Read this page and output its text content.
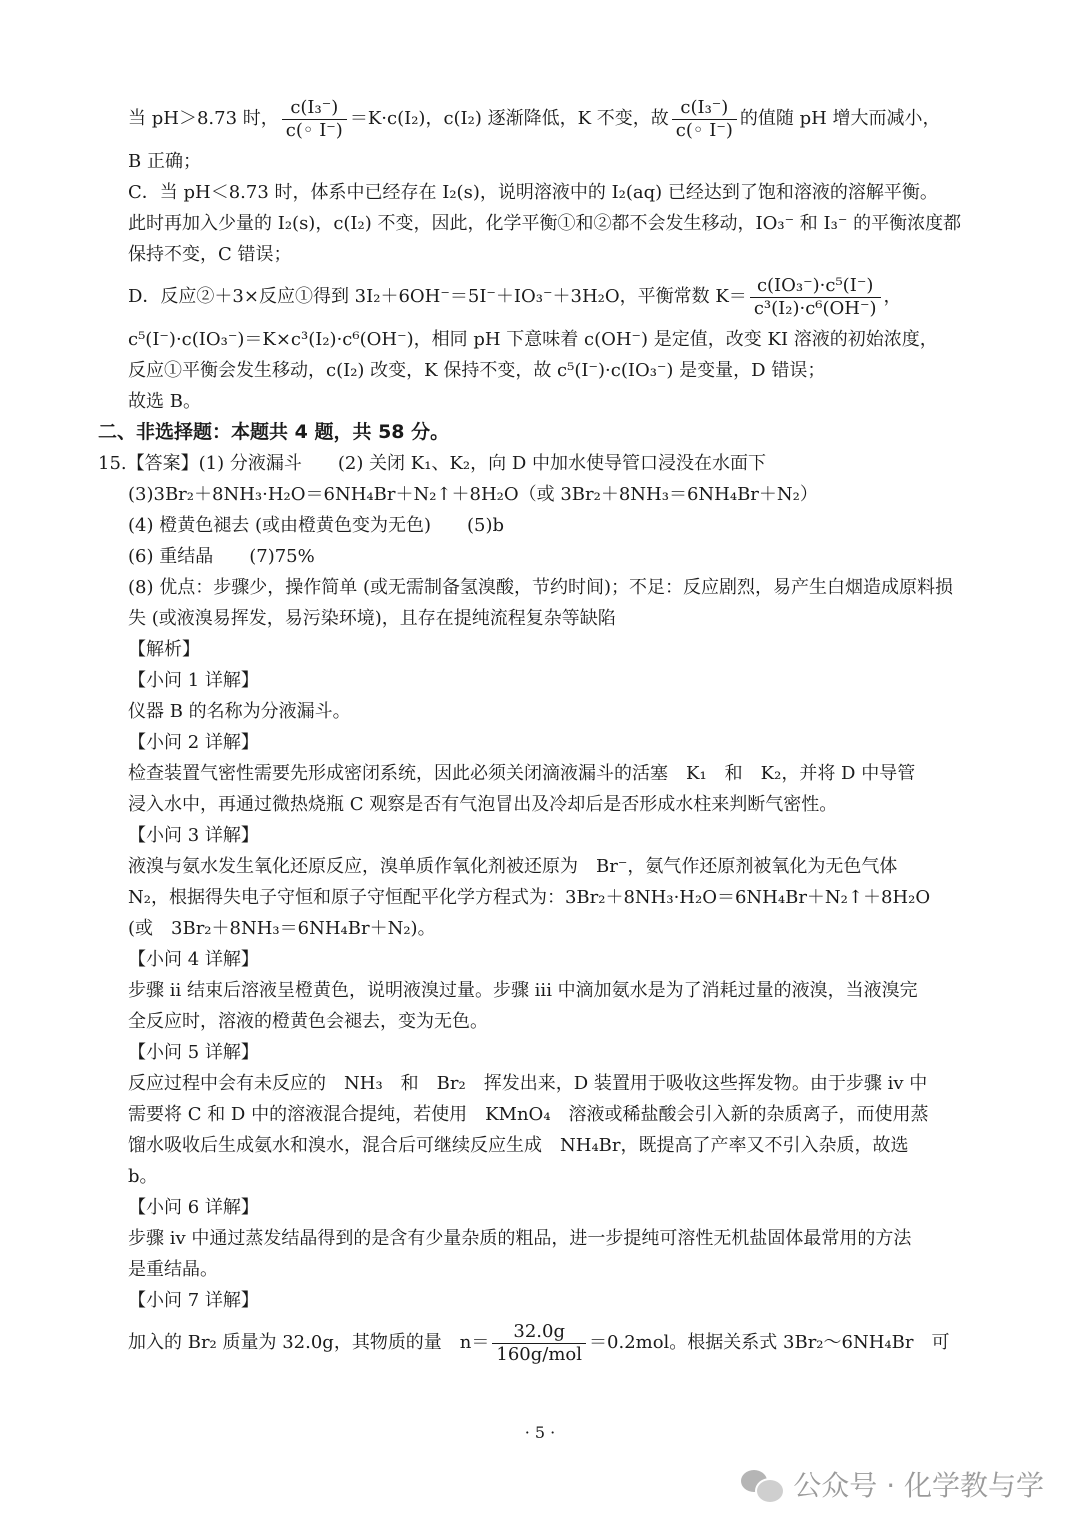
当 pH＞8.73 时， $\frac{\text{c(I₃⁻)}}{c(◦ I^-)} =K\cdot c(I_2)$，c(I₂) 逐渐降低，K 不变，故 $\frac{\text{c(I₃⁻)}}{c(◦ I^-)}$ 的值随 pH 增大而减小，
B 正确；
C．当 pH＜8.73 时，体系中已经存在 I₂(s)，说明溶液中的 I₂(aq) 已经达到了饱和溶液的溶解平衡。
此时再加入少量的 I₂(s)，c(I₂) 不变，因此，化学平衡①和②都不会发生移动，IO₃⁻ 和 I₃⁻ 的平衡浓度都
保持不变，C 错误；
D．反应②＋3×反应①得到 3I₂＋6OH⁻＝5I⁻＋IO₃⁻＋3H₂O，平衡常数 $K= \frac{\text{c(IO₃⁻)·c⁵(I⁻)}}{\text{c³(I₂)·c⁶(OH⁻)}}$ ，
c⁵(I⁻)·c(IO₃⁻)＝K×c³(I₂)·c⁶(OH⁻)，相同 pH 下意味着 c(OH⁻) 是定值，改变 KI 溶液的初始浓度，
反应①平衡会发生移动，c(I₂) 改变，K 保持不变，故 c⁵(I⁻)·c(IO₃⁻) 是变量，D 错误；
故选 B。
二、非选择题：本题共 4 题，共 58 分。
15.【答案】(1) 分液漏斗　　(2) 关闭 K₁、K₂，向 D 中加水使导管口浸没在水面下
(3)3Br₂＋8NH₃·H₂O＝6NH₄Br＋N₂↑＋8H₂O（或 3Br₂＋8NH₃＝6NH₄Br＋N₂）
(4) 橙黄色褪去 (或由橙黄色变为无色)　　(5)b
(6) 重结晶　　(7)75%
(8) 优点：步骤少，操作简单 (或无需制备氢溴酸，节约时间)；不足：反应剧烈，易产生白烟造成原料损
失 (或液溴易挥发，易污染环境)，且存在提纯流程复杂等缺陷
【解析】
【小问 1 详解】
仪器 B 的名称为分液漏斗。
【小问 2 详解】
检查装置气密性需要先形成密闭系统，因此必须关闭滴液漏斗的活塞　K₁　和　K₂，并将 D 中导管
浸入水中，再通过微热烧瓶 C 观察是否有气泡冒出及冷却后是否形成水柱来判断气密性。
【小问 3 详解】
液溴与氨水发生氧化还原反应，溴单质作氧化剂被还原为　Br⁻，氨气作还原剂被氧化为无色气体
N₂，根据得失电子守恒和原子守恒配平化学方程式为：3Br₂＋8NH₃·H₂O＝6NH₄Br＋N₂↑＋8H₂O
(或　3Br₂＋8NH₃＝6NH₄Br＋N₂)。
【小问 4 详解】
步骤 ii 结束后溶液呈橙黄色，说明液溴过量。步骤 iii 中滴加氨水是为了消耗过量的液溴，当液溴完
全反应时，溶液的橙黄色会褪去，变为无色。
【小问 5 详解】
反应过程中会有未反应的　NH₃　和　Br₂　挥发出来，D 装置用于吸收这些挥发物。由于步骤 iv 中
需要将 C 和 D 中的溶液混合提纯，若使用　KMnO₄　溶液或稀盐酸会引入新的杂质离子，而使用蒸
馏水吸收后生成氨水和溴水，混合后可继续反应生成　NH₄Br，既提高了产率又不引入杂质，故选
b。
【小问 6 详解】
步骤 iv 中通过蒸发结晶得到的是含有少量杂质的粗品，进一步提纯可溶性无机盐固体最常用的方法
是重结晶。
【小问 7 详解】
加入的 Br₂ 质量为 32.0g，其物质的量　$n= \frac{32.0g}{\text{160g/mol}} =0.2mol$。根据关系式 3Br₂～6NH₄Br　可
· 5 ·
公众号 · 化学教与学
